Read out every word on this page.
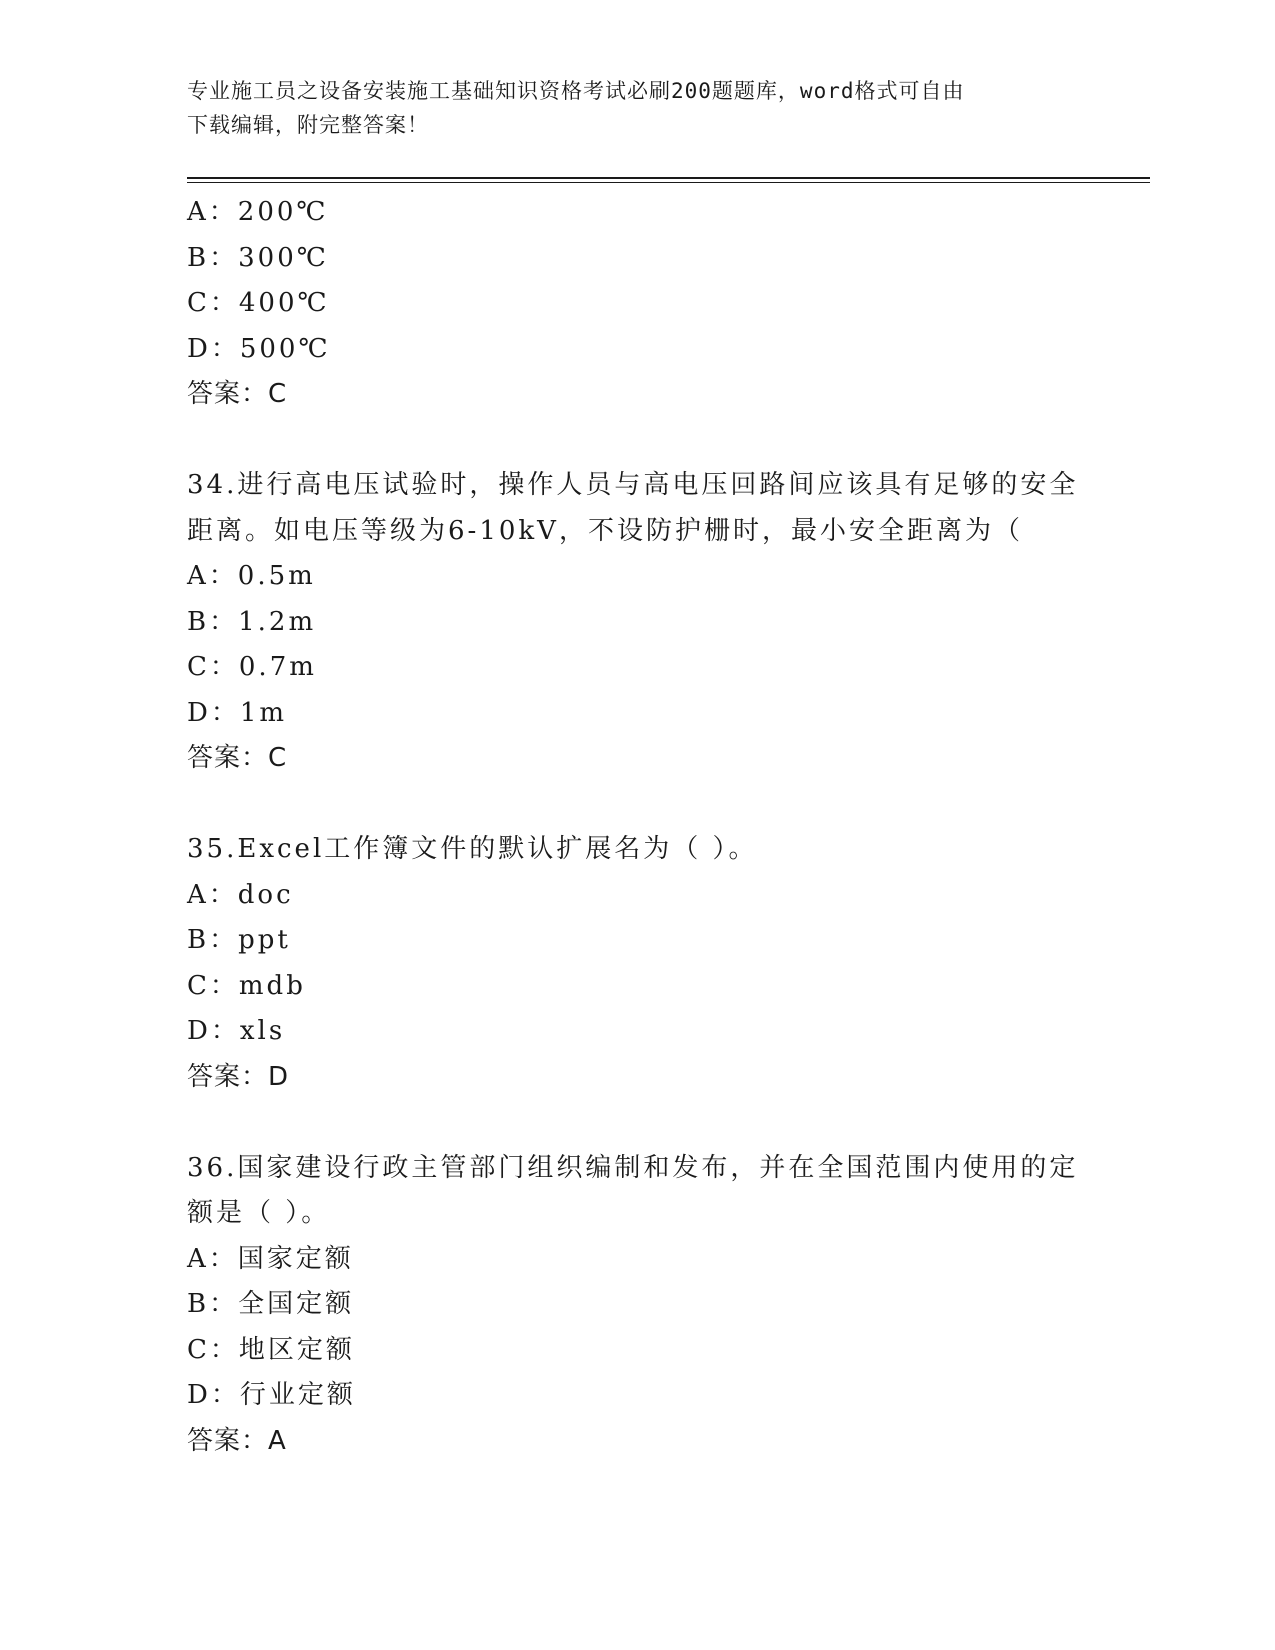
专业施工员之设备安装施工基础知识资格考试必刷200题题库，word格式可自由
下载编辑，附完整答案！
A：200℃
B：300℃
C：400℃
D：500℃
答案：C
34.进行高电压试验时，操作人员与高电压回路间应该具有足够的安全
距离。如电压等级为6-10kV，不设防护栅时，最小安全距离为（
A：0.5m
B：1.2m
C：0.7m
D：1m
答案：C
35.Excel工作簿文件的默认扩展名为（ ）。
A：doc
B：ppt
C：mdb
D：xls
答案：D
36.国家建设行政主管部门组织编制和发布，并在全国范围内使用的定
额是（ ）。
A：国家定额
B：全国定额
C：地区定额
D：行业定额
答案：A
